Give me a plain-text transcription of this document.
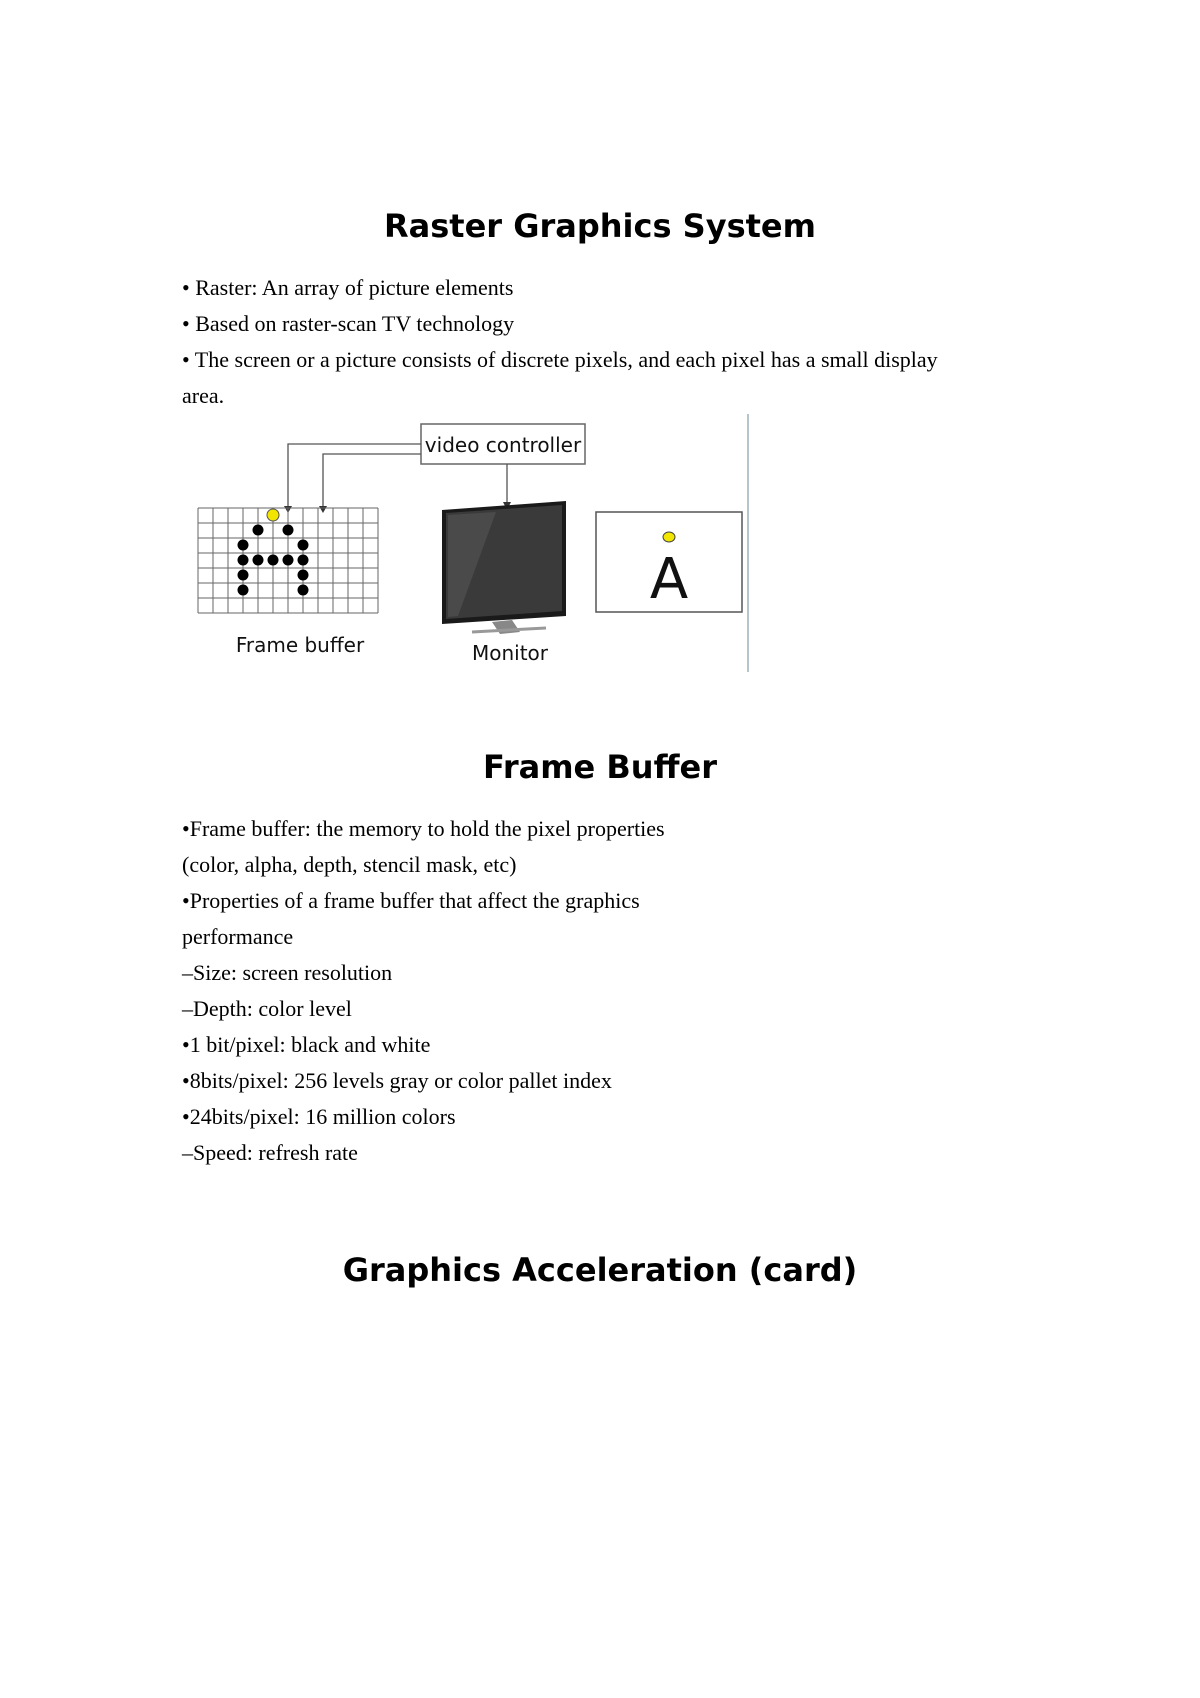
Raster Graphics System

• Raster: An array of picture elements

• Based on raster-scan TV technology

• The screen or a picture consists of discrete pixels, and each pixel has a small display

area.

video controller
Frame buffer	Monitor
A
Frame Buffer

•Frame buffer: the memory to hold the pixel properties

(color, alpha, depth, stencil mask, etc)

•Properties of a frame buffer that affect the graphics

performance

–Size: screen resolution

–Depth: color level

•1 bit/pixel: black and white

•8bits/pixel: 256 levels gray or color pallet index

•24bits/pixel: 16 million colors

–Speed: refresh rate

Graphics Acceleration (card)
